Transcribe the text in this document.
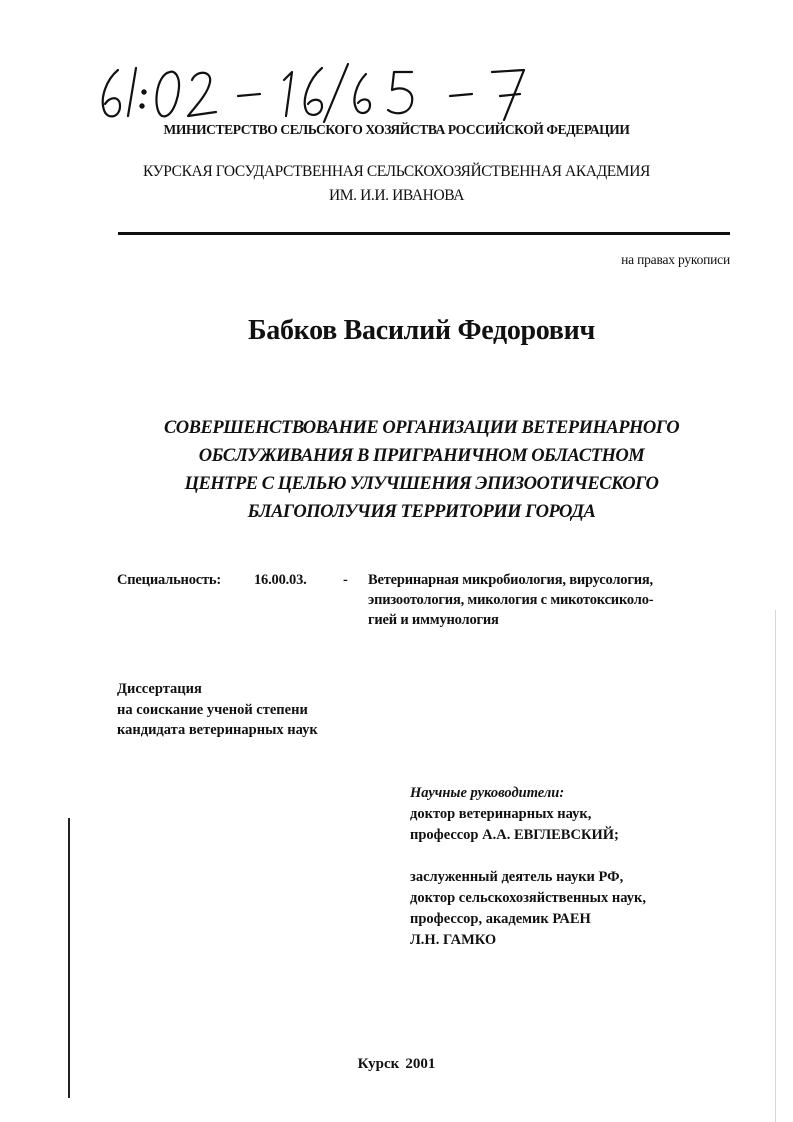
МИНИСТЕРСТВО СЕЛЬСКОГО ХОЗЯЙСТВА РОССИЙСКОЙ ФЕДЕРАЦИИ
КУРСКАЯ ГОСУДАРСТВЕННАЯ СЕЛЬСКОХОЗЯЙСТВЕННАЯ АКАДЕМИЯ
ИМ. И.И. ИВАНОВА
на правах рукописи
Бабков Василий Федорович
СОВЕРШЕНСТВОВАНИЕ ОРГАНИЗАЦИИ ВЕТЕРИНАРНОГО
ОБСЛУЖИВАНИЯ В ПРИГРАНИЧНОМ ОБЛАСТНОМ
ЦЕНТРЕ С ЦЕЛЬЮ УЛУЧШЕНИЯ ЭПИЗООТИЧЕСКОГО
БЛАГОПОЛУЧИЯ ТЕРРИТОРИИ ГОРОДА
Специальность: 16.00.03.	- Ветеринарная микробиология, вирусология,
эпизоотология, микология с микотоксиколо-
гией и иммунология
Диссертация
на соискание ученой степени
кандидата ветеринарных наук
Научные руководители:
доктор ветеринарных наук,
профессор А.А. ЕВГЛЕВСКИЙ;
заслуженный деятель науки РФ,
доктор сельскохозяйственных наук,
профессор, академик РАЕН
Л.Н. ГАМКО
Курск 2001
